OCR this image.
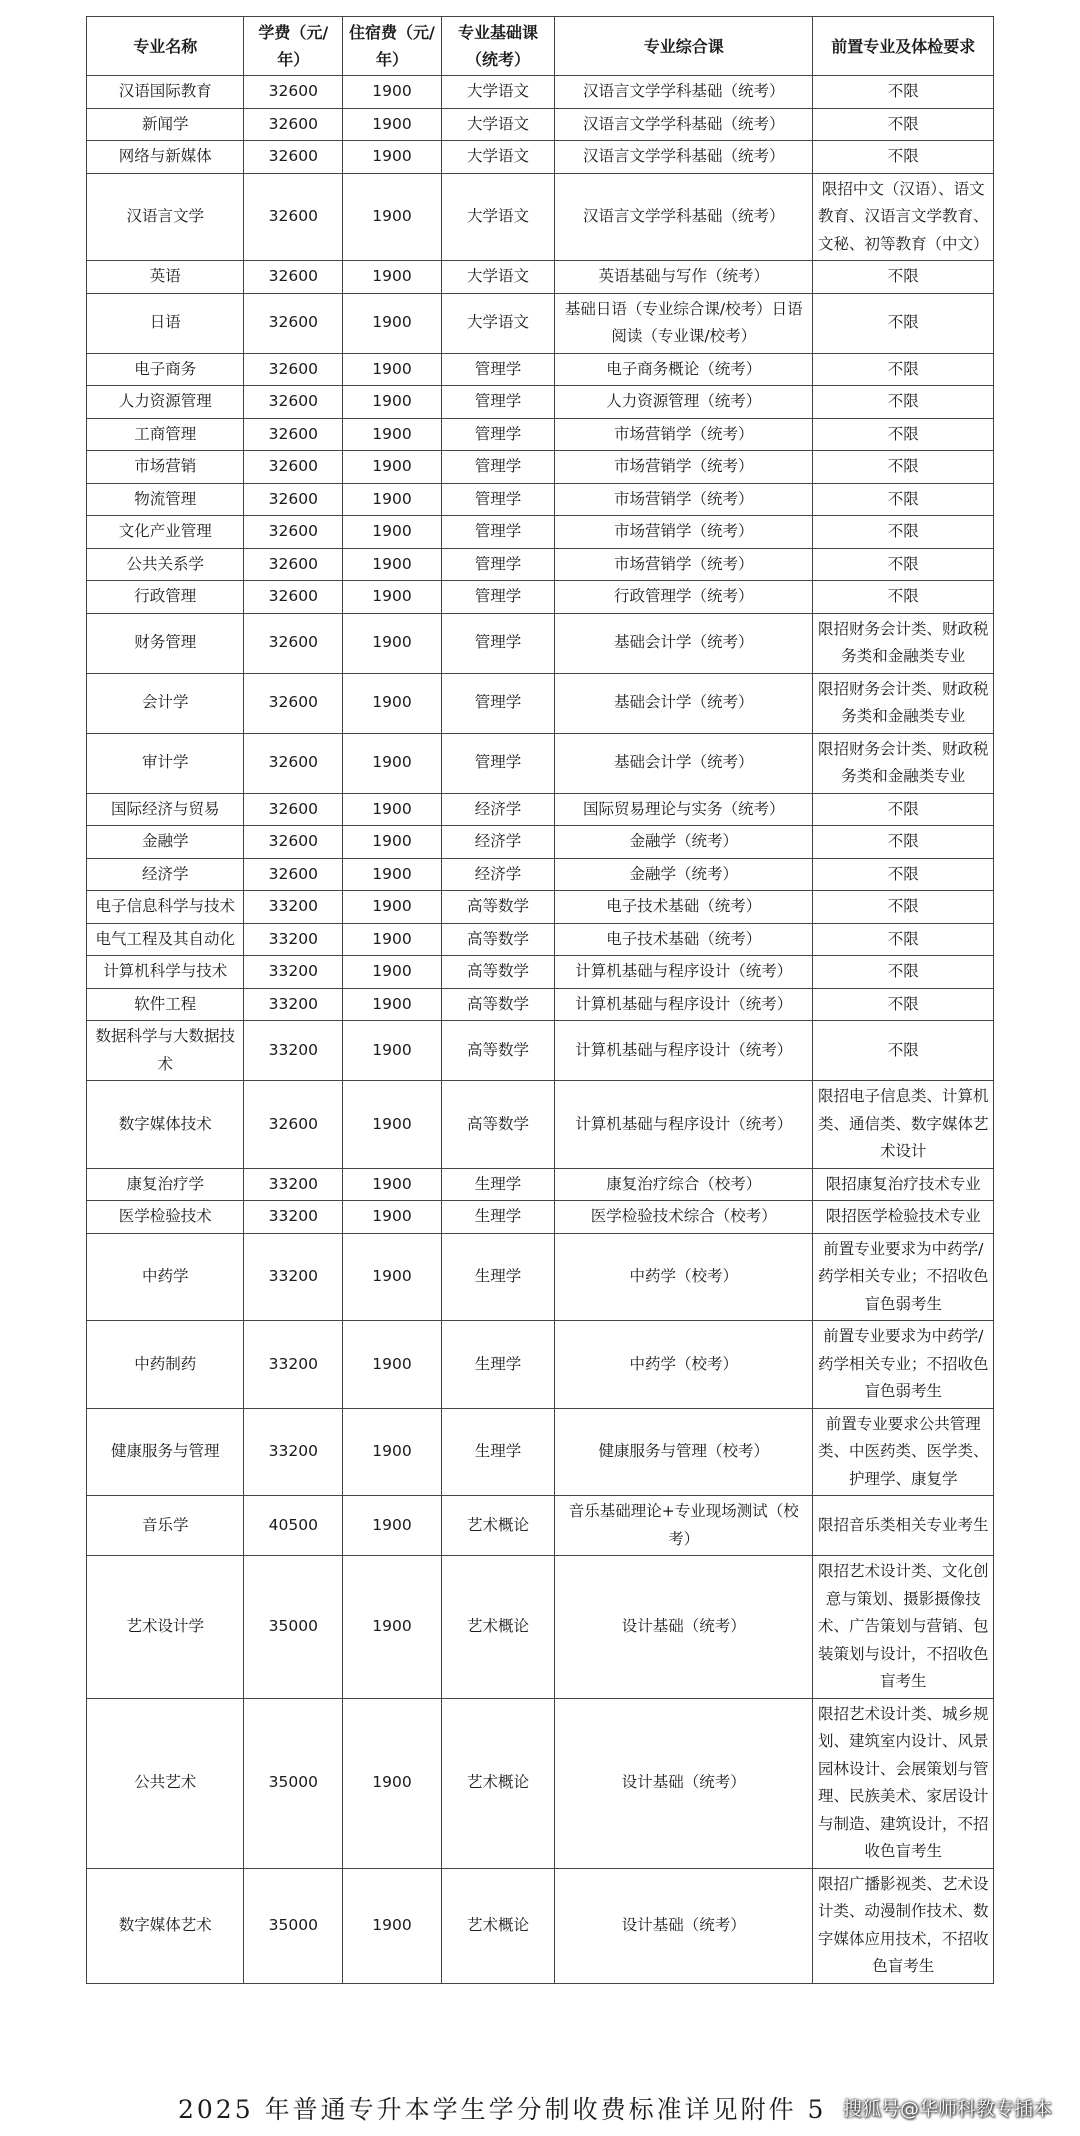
专业名称	学费（元/年）	住宿费（元/年）	专业基础课（统考）	专业综合课	前置专业及体检要求
汉语国际教育	32600	1900	大学语文	汉语言文学学科基础（统考）	不限
新闻学	32600	1900	大学语文	汉语言文学学科基础（统考）	不限
网络与新媒体	32600	1900	大学语文	汉语言文学学科基础（统考）	不限
汉语言文学	32600	1900	大学语文	汉语言文学学科基础（统考）	限招中文（汉语）、语文教育、汉语言文学教育、文秘、初等教育（中文）
英语	32600	1900	大学语文	英语基础与写作（统考）	不限
日语	32600	1900	大学语文	基础日语（专业综合课/校考）日语阅读（专业课/校考）	不限
电子商务	32600	1900	管理学	电子商务概论（统考）	不限
人力资源管理	32600	1900	管理学	人力资源管理（统考）	不限
工商管理	32600	1900	管理学	市场营销学（统考）	不限
市场营销	32600	1900	管理学	市场营销学（统考）	不限
物流管理	32600	1900	管理学	市场营销学（统考）	不限
文化产业管理	32600	1900	管理学	市场营销学（统考）	不限
公共关系学	32600	1900	管理学	市场营销学（统考）	不限
行政管理	32600	1900	管理学	行政管理学（统考）	不限
财务管理	32600	1900	管理学	基础会计学（统考）	限招财务会计类、财政税务类和金融类专业
会计学	32600	1900	管理学	基础会计学（统考）	限招财务会计类、财政税务类和金融类专业
审计学	32600	1900	管理学	基础会计学（统考）	限招财务会计类、财政税务类和金融类专业
国际经济与贸易	32600	1900	经济学	国际贸易理论与实务（统考）	不限
金融学	32600	1900	经济学	金融学（统考）	不限
经济学	32600	1900	经济学	金融学（统考）	不限
电子信息科学与技术	33200	1900	高等数学	电子技术基础（统考）	不限
电气工程及其自动化	33200	1900	高等数学	电子技术基础（统考）	不限
计算机科学与技术	33200	1900	高等数学	计算机基础与程序设计（统考）	不限
软件工程	33200	1900	高等数学	计算机基础与程序设计（统考）	不限
数据科学与大数据技术	33200	1900	高等数学	计算机基础与程序设计（统考）	不限
数字媒体技术	32600	1900	高等数学	计算机基础与程序设计（统考）	限招电子信息类、计算机类、通信类、数字媒体艺术设计
康复治疗学	33200	1900	生理学	康复治疗综合（校考）	限招康复治疗技术专业
医学检验技术	33200	1900	生理学	医学检验技术综合（校考）	限招医学检验技术专业
中药学	33200	1900	生理学	中药学（校考）	前置专业要求为中药学/药学相关专业；不招收色盲色弱考生
中药制药	33200	1900	生理学	中药学（校考）	前置专业要求为中药学/药学相关专业；不招收色盲色弱考生
健康服务与管理	33200	1900	生理学	健康服务与管理（校考）	前置专业要求公共管理类、中医药类、医学类、护理学、康复学
音乐学	40500	1900	艺术概论	音乐基础理论+专业现场测试（校考）	限招音乐类相关专业考生
艺术设计学	35000	1900	艺术概论	设计基础（统考）	限招艺术设计类、文化创意与策划、摄影摄像技术、广告策划与营销、包装策划与设计，不招收色盲考生
公共艺术	35000	1900	艺术概论	设计基础（统考）	限招艺术设计类、城乡规划、建筑室内设计、风景园林设计、会展策划与管理、民族美术、家居设计与制造、建筑设计，不招收色盲考生
数字媒体艺术	35000	1900	艺术概论	设计基础（统考）	限招广播影视类、艺术设计类、动漫制作技术、数字媒体应用技术，不招收色盲考生
2025 年普通专升本学生学分制收费标准详见附件 5 搜狐号@华师科教专插本
